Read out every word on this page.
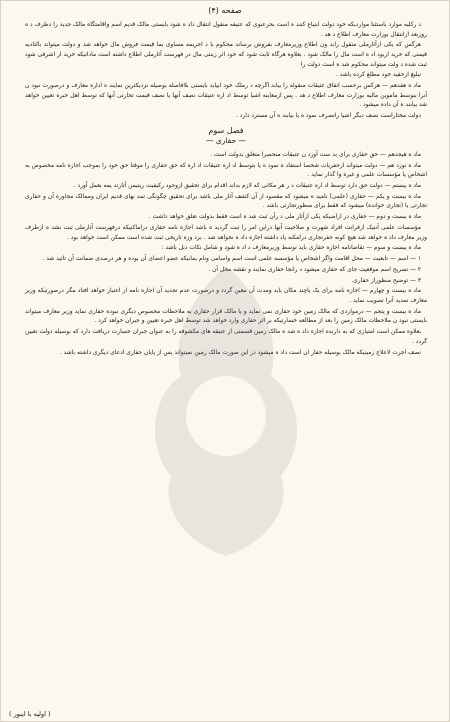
صفحه (۴)

د رکلیه موارد باستثنا مواردیکه خود دولت ابتیاع کنند ه است بحرعنوی که عتیقه منقول انتقال داد ه شود بایستی مالک قدیم اسم واقامتگاه مالک جدید را دظرف د ه روزبعد ازانتقال بوزارت معارف اطلاع د هد .

هرگس که یکی ازآثارملی منقول رابد ون اطلاع وزیرمعارف بفروش برساند محکوم با د اجریمه مساوی بما قیمت فروش مال خواهد شد و دولت میتواند بالتادیه قیمتی که خرید اربود اد ه است مال را مالک شود . بعلاوه هرگاه ثابت شود که خود اثر زینتی مال در فهرست آثارملی اطلاع داشته است ماداتیکه خرید ار اشرفی شود ثبت شده د ولت میتواند محکوم شد ه است دولت را

تبلیغ ازحفید خود مطلع کرده باشد .

ماد ه هفدهم — هرکس برحسب اتفاق عتیقات منقوله را بیابد اگرچه د رملک خود ابیابد بایستی بلافاصله بوصیله نزدیکترین نمایند ه اداره معارف و درصورت نبود ن آنرا بتوسط ماموین مالیه بوزارت معارف اطلاع د هد . پس ازمعاینه اشیا توسط اد اره عتیقات نصف آنها یا نصف قیمت تجارتی آنها که توسط اهل خبره تعیین خواهد شد بیابند ه آن داده میشود .

دولت مختاراست نصف دیگر اشیا راتصرف نمود ه یا بیابند ه آن مسترد دارد .

فصل سوم
— حفاری —

ماد ه هیجدهم — حق حفاری برای بد ست آورد ن عتیقات منحصرا متعلق بدولت است .

ماد ه نوزد هم — دولت میتواند ازحفریات شخصا استفاد ه نمود ه یا بتوسط اد اره عتیقات اد اره که حق حفاری را موقتا حق خود را بموجب اجازه نامه مخصوص به اشخاص یا مؤسسات علمی و غیره وا گذار نماید .

ماد ه بیستم — دولت حق دارد توسط اد اره عتیقات د ر هر مکانی که لازم بداند اقدام برای تحقیق ازوجود رکیفیت ریتیمن آثارتد یمه بعمل آورد .

ماد ه بیست و یکم — حفاری (علمی) نامید ه میشود که مقصود از آن کشف آثار ملی باشد برای تحقیق چگونگی تمد نهای قدیم ایران وممالک مجاوره آن و حفاری تجارتی یا (تجاری خوانده) میشود که فقط برای منظورتجارتی باشد .

ماد ه بیست و دوم — حفاری در اراضیکه یکی ازآثار ملی د رآن ثبت شد ه است فقط بدولت تعلق خواهد داشت .

مؤسسات علمی آنتیک ازفرانت افراد شهرت و صلاحیت آنها دراین امر را ثبت گردید ه باشد اجازه نامه حفاری دراماکنیکه درفهرست آثارملی ثبت نشد ه ازطرف وزیر معارف داد ه خواهد شد هیچ کونه حفرتجاری درامکنه یاد داشته اجازه داد ه نخواهد شد . برد وزه تاریخی ثبت شده است ممکن است خواهد بود .

ماد ه بیست و سوم — تقاضانامه اجازه حفاری باید توسط وزیرمعارف د اد ه شود و شامل نکات ذیل باشد :

۱ — اسم — تابعیت — محل اقامت واگر اشخاص یا مؤسسه علمی است اسم واسامی ونام بمانیکه عضو اعضای آن بوده و هر درصدی ضمانت آن تائید شد .

۲ — تصریح اسم موقعیت جای که حفاری میشود د رانجا حفاری نمایند و نقشه محل آن .

۳ — توضیح منظوراز حفاری.

ماد ه بیست و چهارم — اجازه نامه برای یک یاچند مکان باید ومدت آن معین گردد و درصورت عدم تجدید آن اجازه نامه از اعتبار خواهد افتاد مگر درصورتیکه وزیر معارف تمدید آنرا تصویب نماید .

ماد ه بیست و پنجم — درمواردی که مالک زمین خود حفاری نمی نماید و یا مالک قرار حفاری به ملاحظات مخصوص دیگری نبوده حفاری نماید وزیر معارف میتواند بایستی نبود ن ملاحظات مالک زمین را بعد از مطالعه خسارتیکه بر اثر حفاری وارد خواهد شد توسط اهل خبره تعیین و جبران خواهد کرد .

بعلاوه ممکن است امتیازی که به دارنده اجازه داد ه شد ه مالک زمین قسمتی از عتیقه های مکشوفه را به عنوان جبران خسارت دریافت دارد که بوسیله دولت تعیین گردد .

نصف اجرت لاعلاج زمینیکه مالک بوسیله حفار ان است داد ه میشود در این صورت مالک زمین نمیتواند پس از پایان حفاری ادعای دیگری داشته باشد .

( اولیه با اینور )
